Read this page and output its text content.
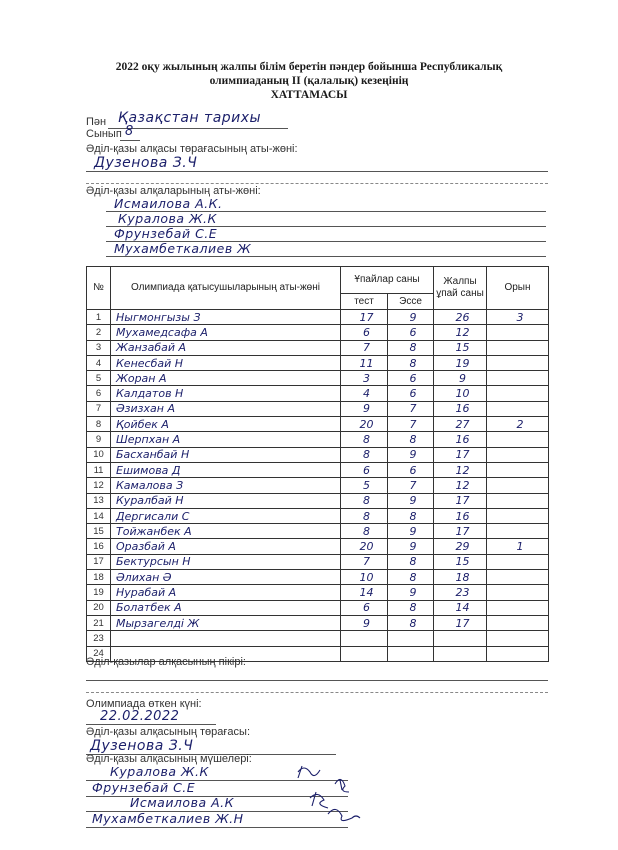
2022 оқу жылының жалпы білім беретін пәндер бойынша Республикалық
олимпиаданың ІІ (қалалық) кезеңінің
ХАТТАМАСЫ
Пән Қазақстан тарихы
Сынып 8
Әділ-қазы алқасы төрағасының аты-жөні:
Дузенова З.Ч
Әділ-қазы алқаларының аты-жөні:
Исмаилова А.К.
Куралова Ж.К
Фрунзебай С.Е
Мухамбеткалиев Ж
№	Олимпиада қатысушыларының аты-жөні	Ұпайлар саны		Жалпы ұпай саны	Орын
		тест	Эссе		
1	Ныгмонгызы З	17	9	26	3
2	Мухамедсафа А	6	6	12	
3	Жанзабай А	7	8	15	
4	Кенесбай Н	11	8	19	
5	Жоран А	3	6	9	
6	Калдатов Н	4	6	10	
7	Әзизхан А	9	7	16	
8	Қойбек А	20	7	27	2
9	Шерпхан А	8	8	16	
10	Басханбай Н	8	9	17	
11	Ешимова Д	6	6	12	
12	Камалова З	5	7	12	
13	Куралбай Н	8	9	17	
14	Дергисали С	8	8	16	
15	Тойжанбек А	8	9	17	
16	Оразбай А	20	9	29	1
17	Бектурсын Н	7	8	15	
18	Әлихан Ә	10	8	18	
19	Нурабай А	14	9	23	
20	Болатбек А	6	8	14	
21	Мырзагелді Ж	9	8	17	
23					
24					
Әділ-қазылар алқасының пікірі:
Олимпиада өткен күні:
22.02.2022
Әділ-қазы алқасының төрағасы:
Дузенова З.Ч
Әділ-қазы алқасының мүшелері:
Куралова Ж.К
Фрунзебай С.Е
Исмаилова А.К
Мухамбеткалиев Ж.Н
